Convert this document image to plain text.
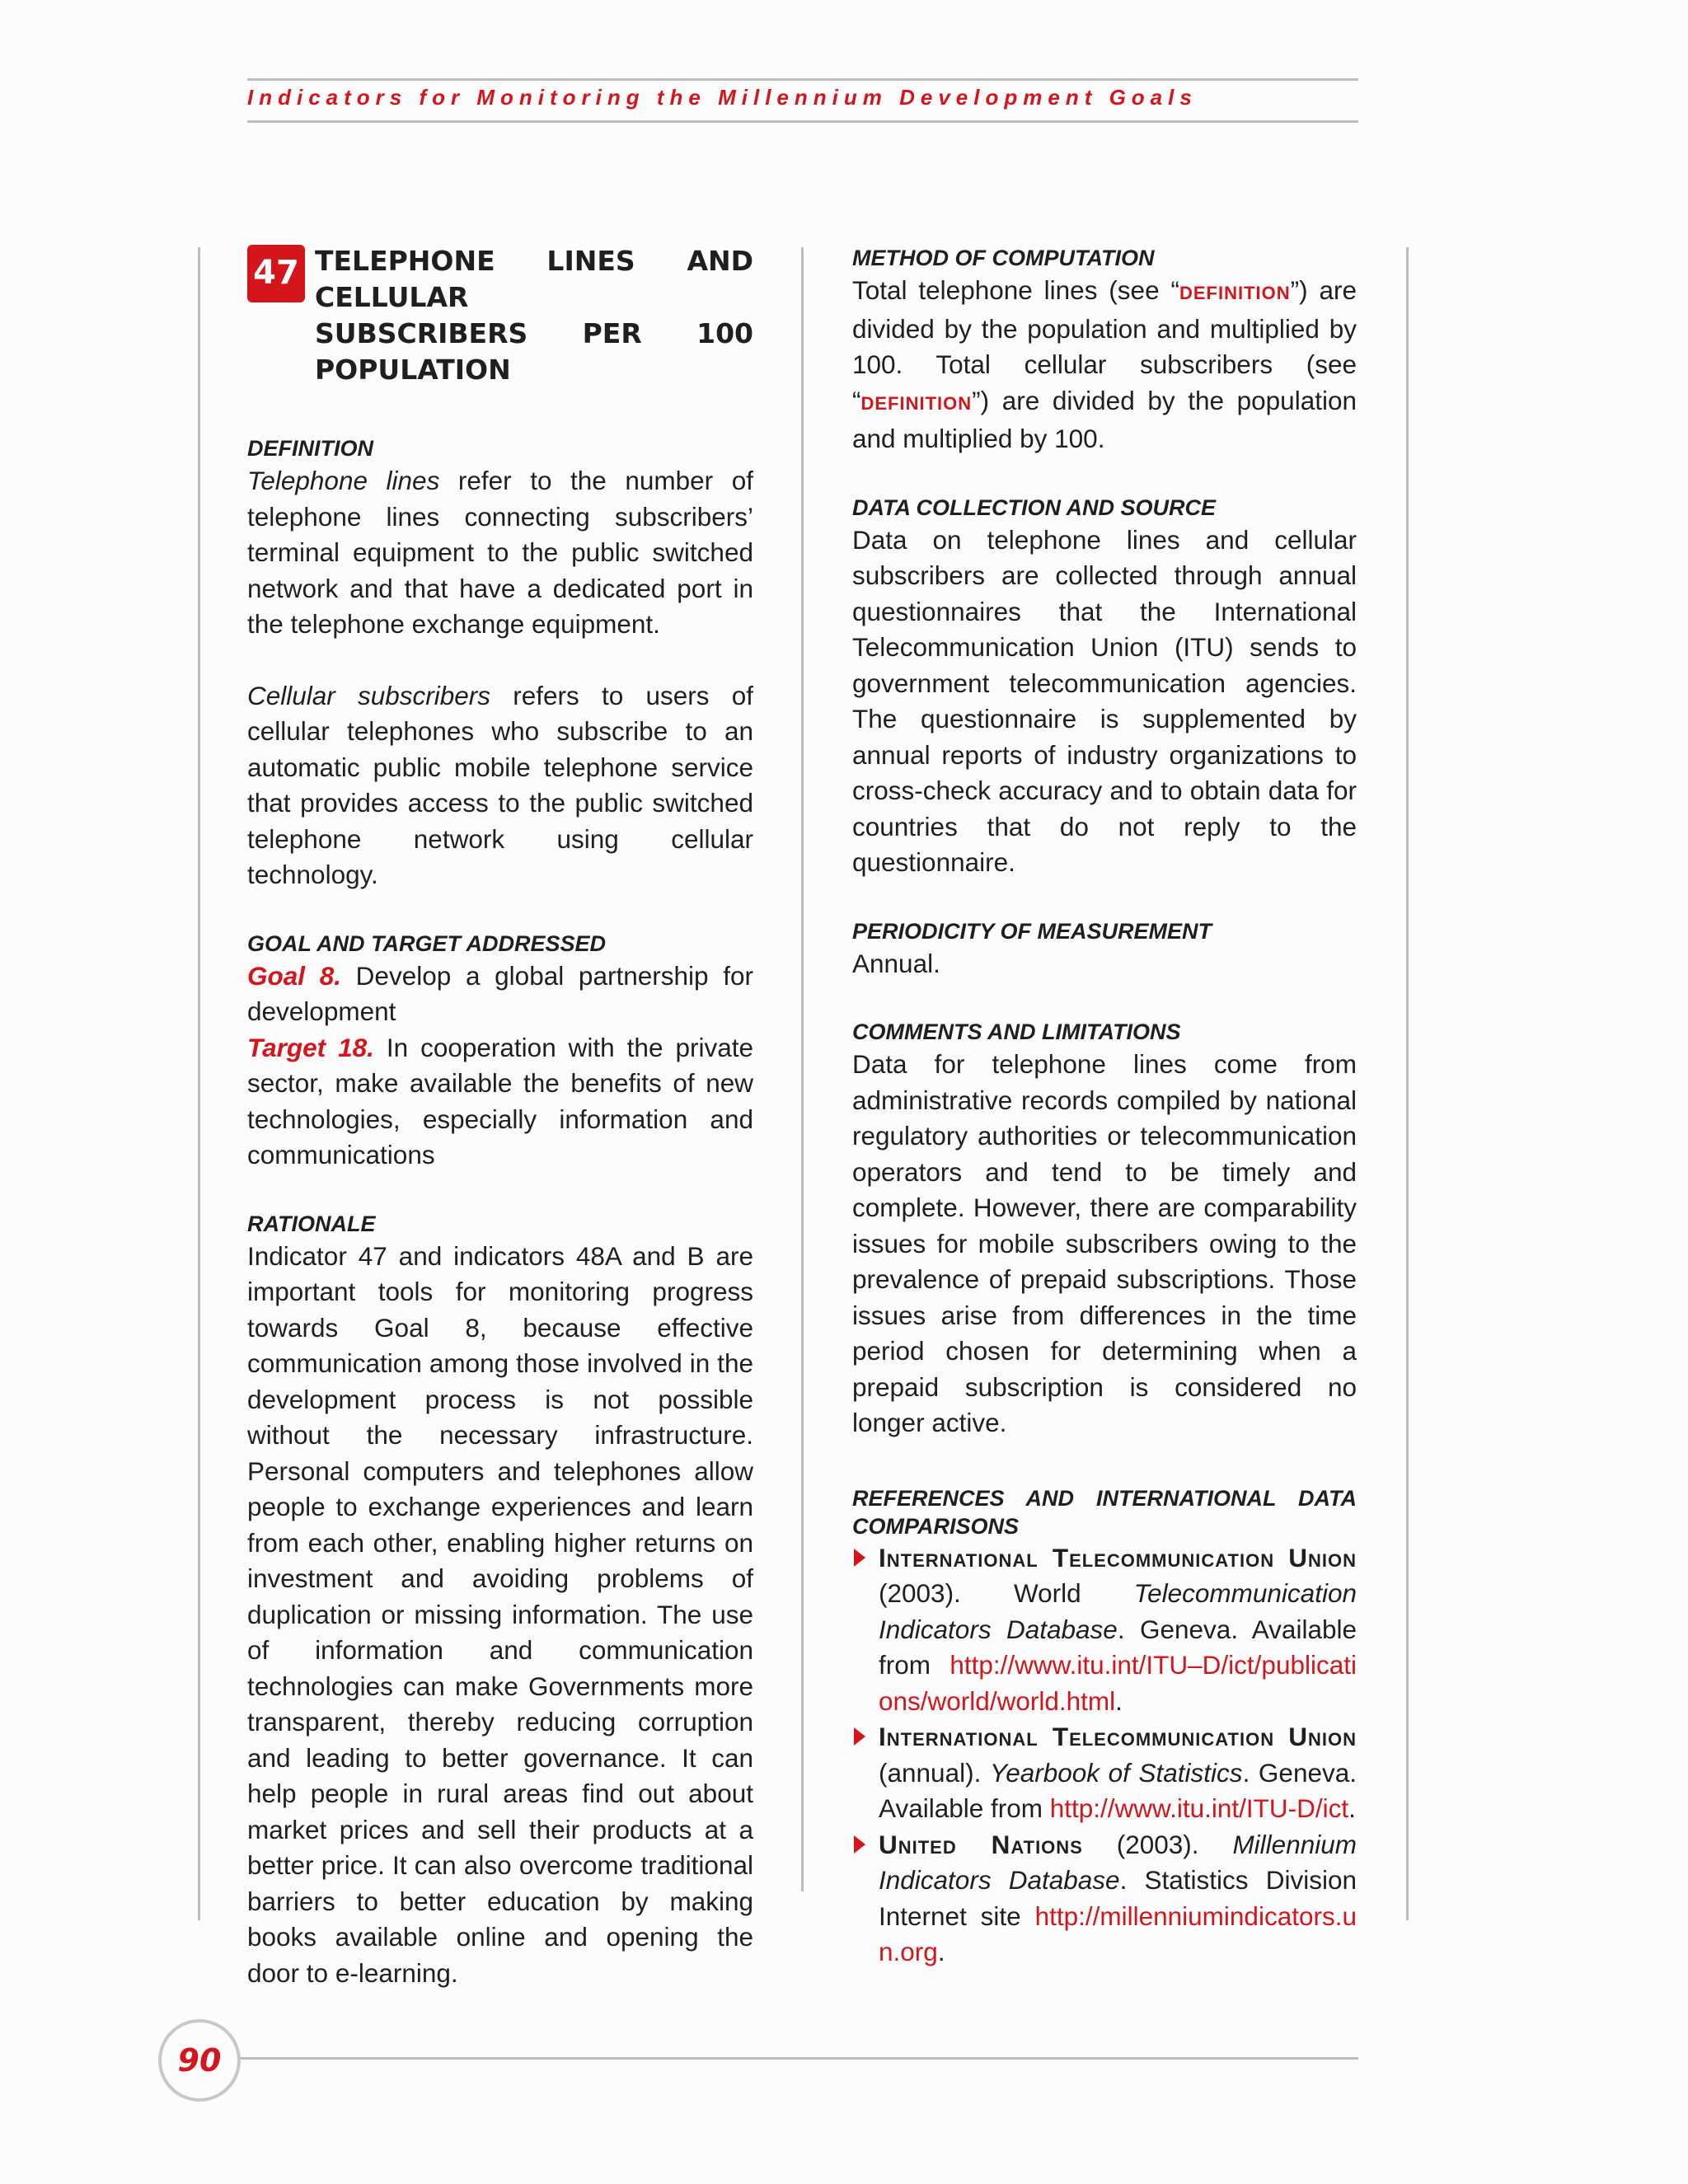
Indicators for Monitoring the Millennium Development Goals
47 TELEPHONE LINES AND CELLULAR
SUBSCRIBERS PER 100 POPULATION
DEFINITION

Telephone lines refer to the number of telephone lines connecting subscribers’ terminal equipment to the public switched network and that have a dedicated port in the telephone exchange equipment.

Cellular subscribers refers to users of cellular telephones who subscribe to an automatic public mobile telephone service that provides access to the public switched telephone network using cellular technology.

GOAL AND TARGET ADDRESSED

Goal 8. Develop a global partnership for development

Target 18. In cooperation with the private sector, make available the benefits of new technologies, especially information and communications

RATIONALE

Indicator 47 and indicators 48A and B are important tools for monitoring progress towards Goal 8, because effective communication among those involved in the development process is not possible without the necessary infrastructure. Personal computers and telephones allow people to exchange experiences and learn from each other, enabling higher returns on investment and avoiding problems of duplication or missing information. The use of information and communication technologies can make Governments more transparent, thereby reducing corruption and leading to better governance. It can help people in rural areas find out about market prices and sell their products at a better price. It can also overcome traditional barriers to better education by making books available online and opening the door to e-learning.

METHOD OF COMPUTATION

Total telephone lines (see “DEFINITION”) are divided by the population and multiplied by 100. Total cellular subscribers (see “DEFINITION”) are divided by the population and multiplied by 100.

DATA COLLECTION AND SOURCE

Data on telephone lines and cellular subscribers are collected through annual questionnaires that the International Telecommunication Union (ITU) sends to government telecommunication agencies. The questionnaire is supplemented by annual reports of industry organizations to cross-check accuracy and to obtain data for countries that do not reply to the questionnaire.

PERIODICITY OF MEASUREMENT

Annual.

COMMENTS AND LIMITATIONS

Data for telephone lines come from administrative records compiled by national regulatory authorities or telecommunication operators and tend to be timely and complete. However, there are comparability issues for mobile subscribers owing to the prevalence of prepaid subscriptions. Those issues arise from differences in the time period chosen for determining when a prepaid subscription is considered no longer active.

REFERENCES AND INTERNATIONAL DATA COMPARISONS
International Telecommunication Union (2003). World Telecommunication Indicators Database. Geneva. Available from http://www.itu.int/ITU–D/ict/publications/world/world.html.
International Telecommunication Union (annual). Yearbook of Statistics. Geneva. Available from http://www.itu.int/ITU-D/ict.
United Nations (2003). Millennium Indicators Database. Statistics Division Internet site http://millenniumindicators.un.org.
90
